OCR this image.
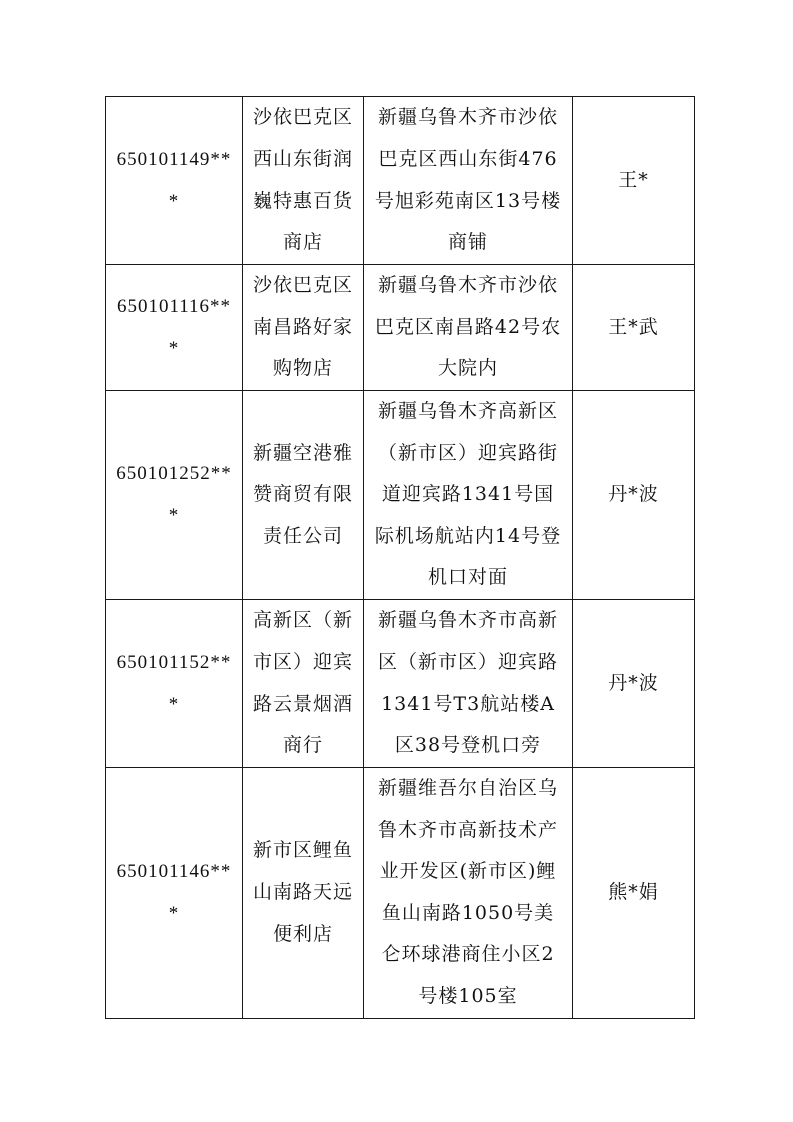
650101149***	沙依巴克区西山东街润巍特惠百货商店	新疆乌鲁木齐市沙依巴克区西山东街476号旭彩苑南区13号楼商铺	王*
650101116***	沙依巴克区南昌路好家购物店	新疆乌鲁木齐市沙依巴克区南昌路42号农大院内	王*武
650101252***	新疆空港雅赞商贸有限责任公司	新疆乌鲁木齐高新区（新市区）迎宾路街道迎宾路1341号国际机场航站内14号登机口对面	丹*波
650101152***	高新区（新市区）迎宾路云景烟酒商行	新疆乌鲁木齐市高新区（新市区）迎宾路1341号T3航站楼A区38号登机口旁	丹*波
650101146***	新市区鲤鱼山南路天远便利店	新疆维吾尔自治区乌鲁木齐市高新技术产业开发区(新市区)鲤鱼山南路1050号美仑环球港商住小区2号楼105室	熊*娟
